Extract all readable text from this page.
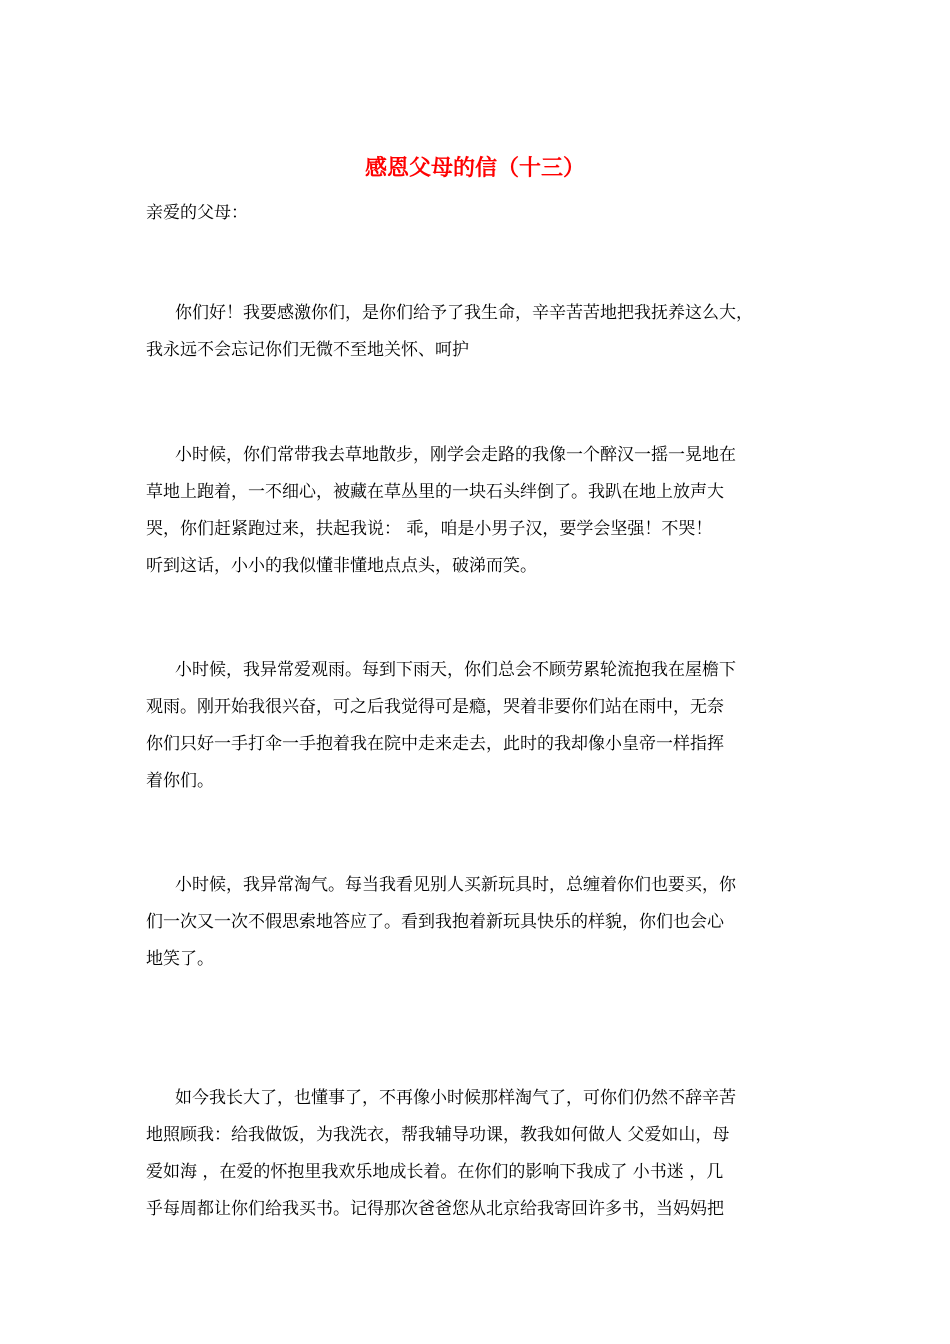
感恩父母的信（十三）
亲爱的父母：
你们好！我要感激你们，是你们给予了我生命，辛辛苦苦地把我抚养这么大，
我永远不会忘记你们无微不至地关怀、呵护
小时候，你们常带我去草地散步，刚学会走路的我像一个醉汉一摇一晃地在
草地上跑着，一不细心，被藏在草丛里的一块石头绊倒了。我趴在地上放声大
哭，你们赶紧跑过来，扶起我说： 乖，咱是小男子汉，要学会坚强！不哭！
听到这话，小小的我似懂非懂地点点头，破涕而笑。
小时候，我异常爱观雨。每到下雨天，你们总会不顾劳累轮流抱我在屋檐下
观雨。刚开始我很兴奋，可之后我觉得可是瘾，哭着非要你们站在雨中，无奈
你们只好一手打伞一手抱着我在院中走来走去，此时的我却像小皇帝一样指挥
着你们。
小时候，我异常淘气。每当我看见别人买新玩具时，总缠着你们也要买，你
们一次又一次不假思索地答应了。看到我抱着新玩具快乐的样貌，你们也会心
地笑了。
如今我长大了，也懂事了，不再像小时候那样淘气了，可你们仍然不辞辛苦
地照顾我：给我做饭，为我洗衣，帮我辅导功课，教我如何做人 父爱如山，母
爱如海 ，在爱的怀抱里我欢乐地成长着。在你们的影响下我成了 小书迷 ，几
乎每周都让你们给我买书。记得那次爸爸您从北京给我寄回许多书，当妈妈把
